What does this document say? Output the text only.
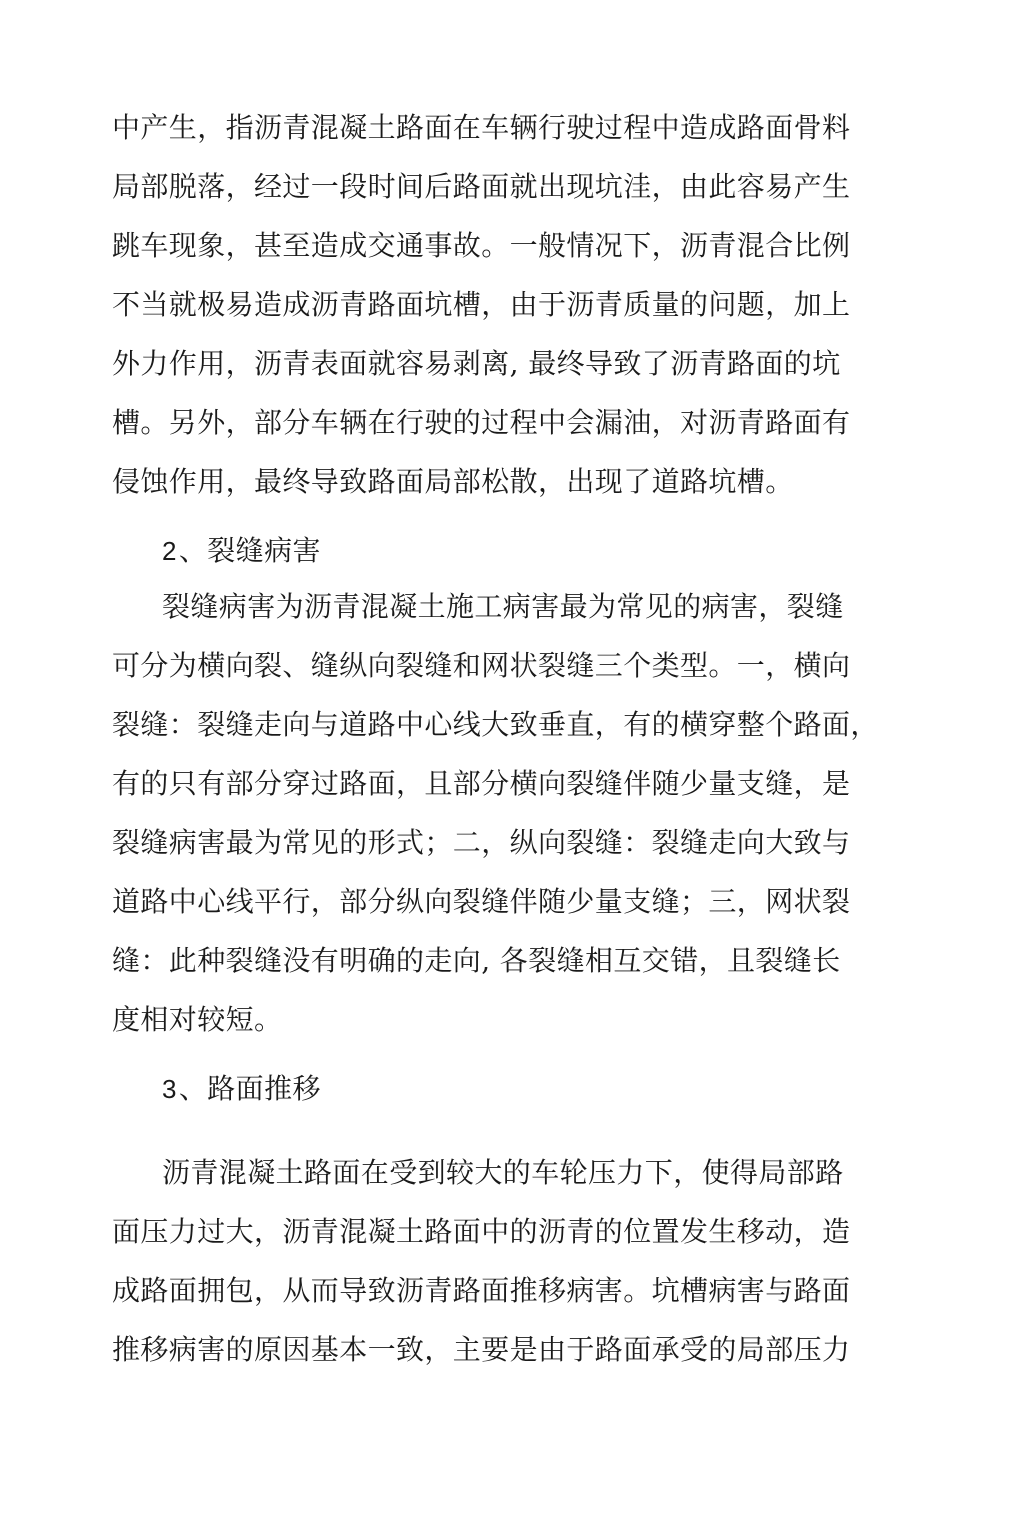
中产生，指沥青混凝土路面在车辆行驶过程中造成路面骨料
局部脱落，经过一段时间后路面就出现坑洼，由此容易产生
跳车现象，甚至造成交通事故。一般情况下，沥青混合比例
不当就极易造成沥青路面坑槽，由于沥青质量的问题，加上
外力作用，沥青表面就容易剥离, 最终导致了沥青路面的坑
槽。另外，部分车辆在行驶的过程中会漏油，对沥青路面有
侵蚀作用，最终导致路面局部松散，出现了道路坑槽。
2、裂缝病害
裂缝病害为沥青混凝土施工病害最为常见的病害，裂缝
可分为横向裂、缝纵向裂缝和网状裂缝三个类型。一，横向
裂缝：裂缝走向与道路中心线大致垂直，有的横穿整个路面，
有的只有部分穿过路面，且部分横向裂缝伴随少量支缝，是
裂缝病害最为常见的形式；二，纵向裂缝：裂缝走向大致与
道路中心线平行，部分纵向裂缝伴随少量支缝；三，网状裂
缝：此种裂缝没有明确的走向, 各裂缝相互交错，且裂缝长
度相对较短。
3、路面推移
沥青混凝土路面在受到较大的车轮压力下，使得局部路
面压力过大，沥青混凝土路面中的沥青的位置发生移动，造
成路面拥包，从而导致沥青路面推移病害。坑槽病害与路面
推移病害的原因基本一致，主要是由于路面承受的局部压力
